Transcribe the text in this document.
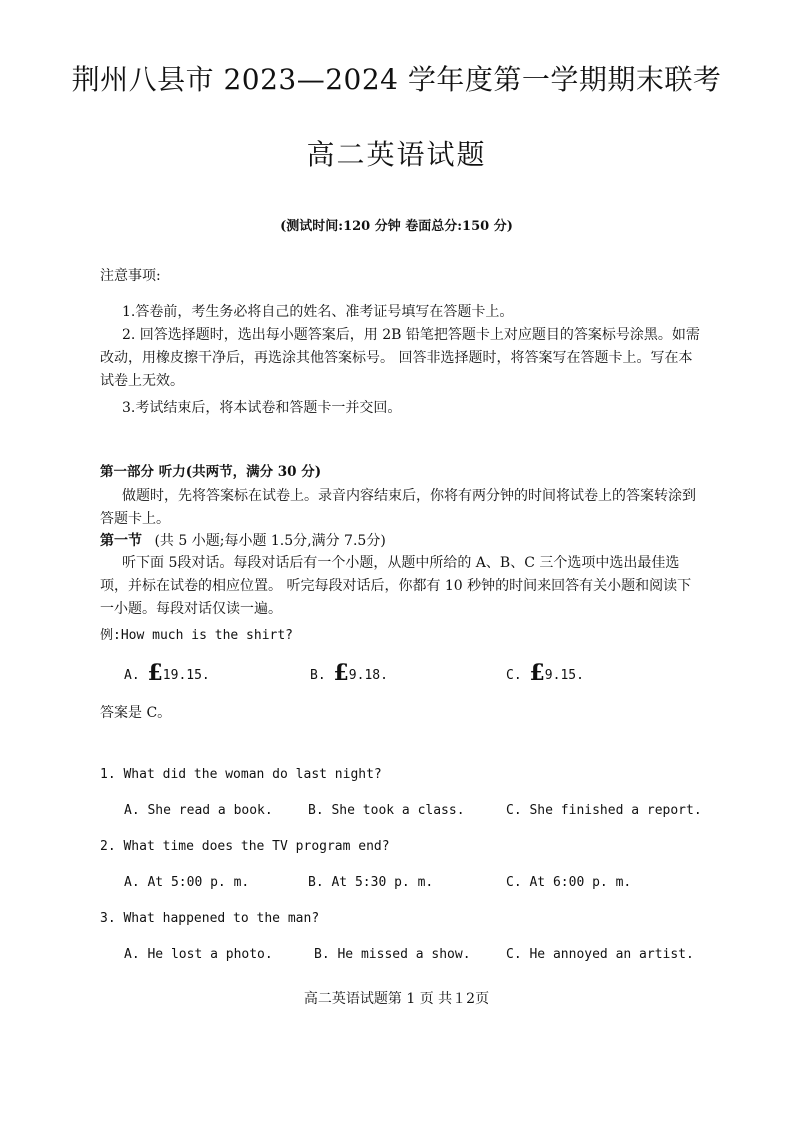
荆州八县市 2023—2024 学年度第一学期期末联考
高二英语试题
(测试时间:120 分钟 卷面总分:150 分)
注意事项:
1.答卷前，考生务必将自己的姓名、准考证号填写在答题卡上。
2. 回答选择题时，选出每小题答案后，用 2B 铅笔把答题卡上对应题目的答案标号涂黑。如需改动，用橡皮擦干净后，再选涂其他答案标号。 回答非选择题时，将答案写在答题卡上。写在本试卷上无效。
3.考试结束后，将本试卷和答题卡一并交回。
第一部分 听力(共两节，满分 30 分)
做题时，先将答案标在试卷上。录音内容结束后，你将有两分钟的时间将试卷上的答案转涂到答题卡上。
第一节 (共 5 小题;每小题 1.5分,满分 7.5分)
听下面 5段对话。每段对话后有一个小题，从题中所给的 A、B、C 三个选项中选出最佳选项，并标在试卷的相应位置。 听完每段对话后，你都有 10 秒钟的时间来回答有关小题和阅读下一小题。每段对话仅读一遍。
例:How much is the shirt?
A. £19.15.	B. £9.18.	C. £9.15.
答案是 C。
1. What did the woman do last night?
A. She read a book.	B. She took a class.	C. She finished a report.
2. What time does the TV program end?
A. At 5:00 p. m.	B. At 5:30 p. m.	C. At 6:00 p. m.
3. What happened to the man?
A. He lost a photo.	B. He missed a show.	C. He annoyed an artist.
高二英语试题第 1 页 共１2页
